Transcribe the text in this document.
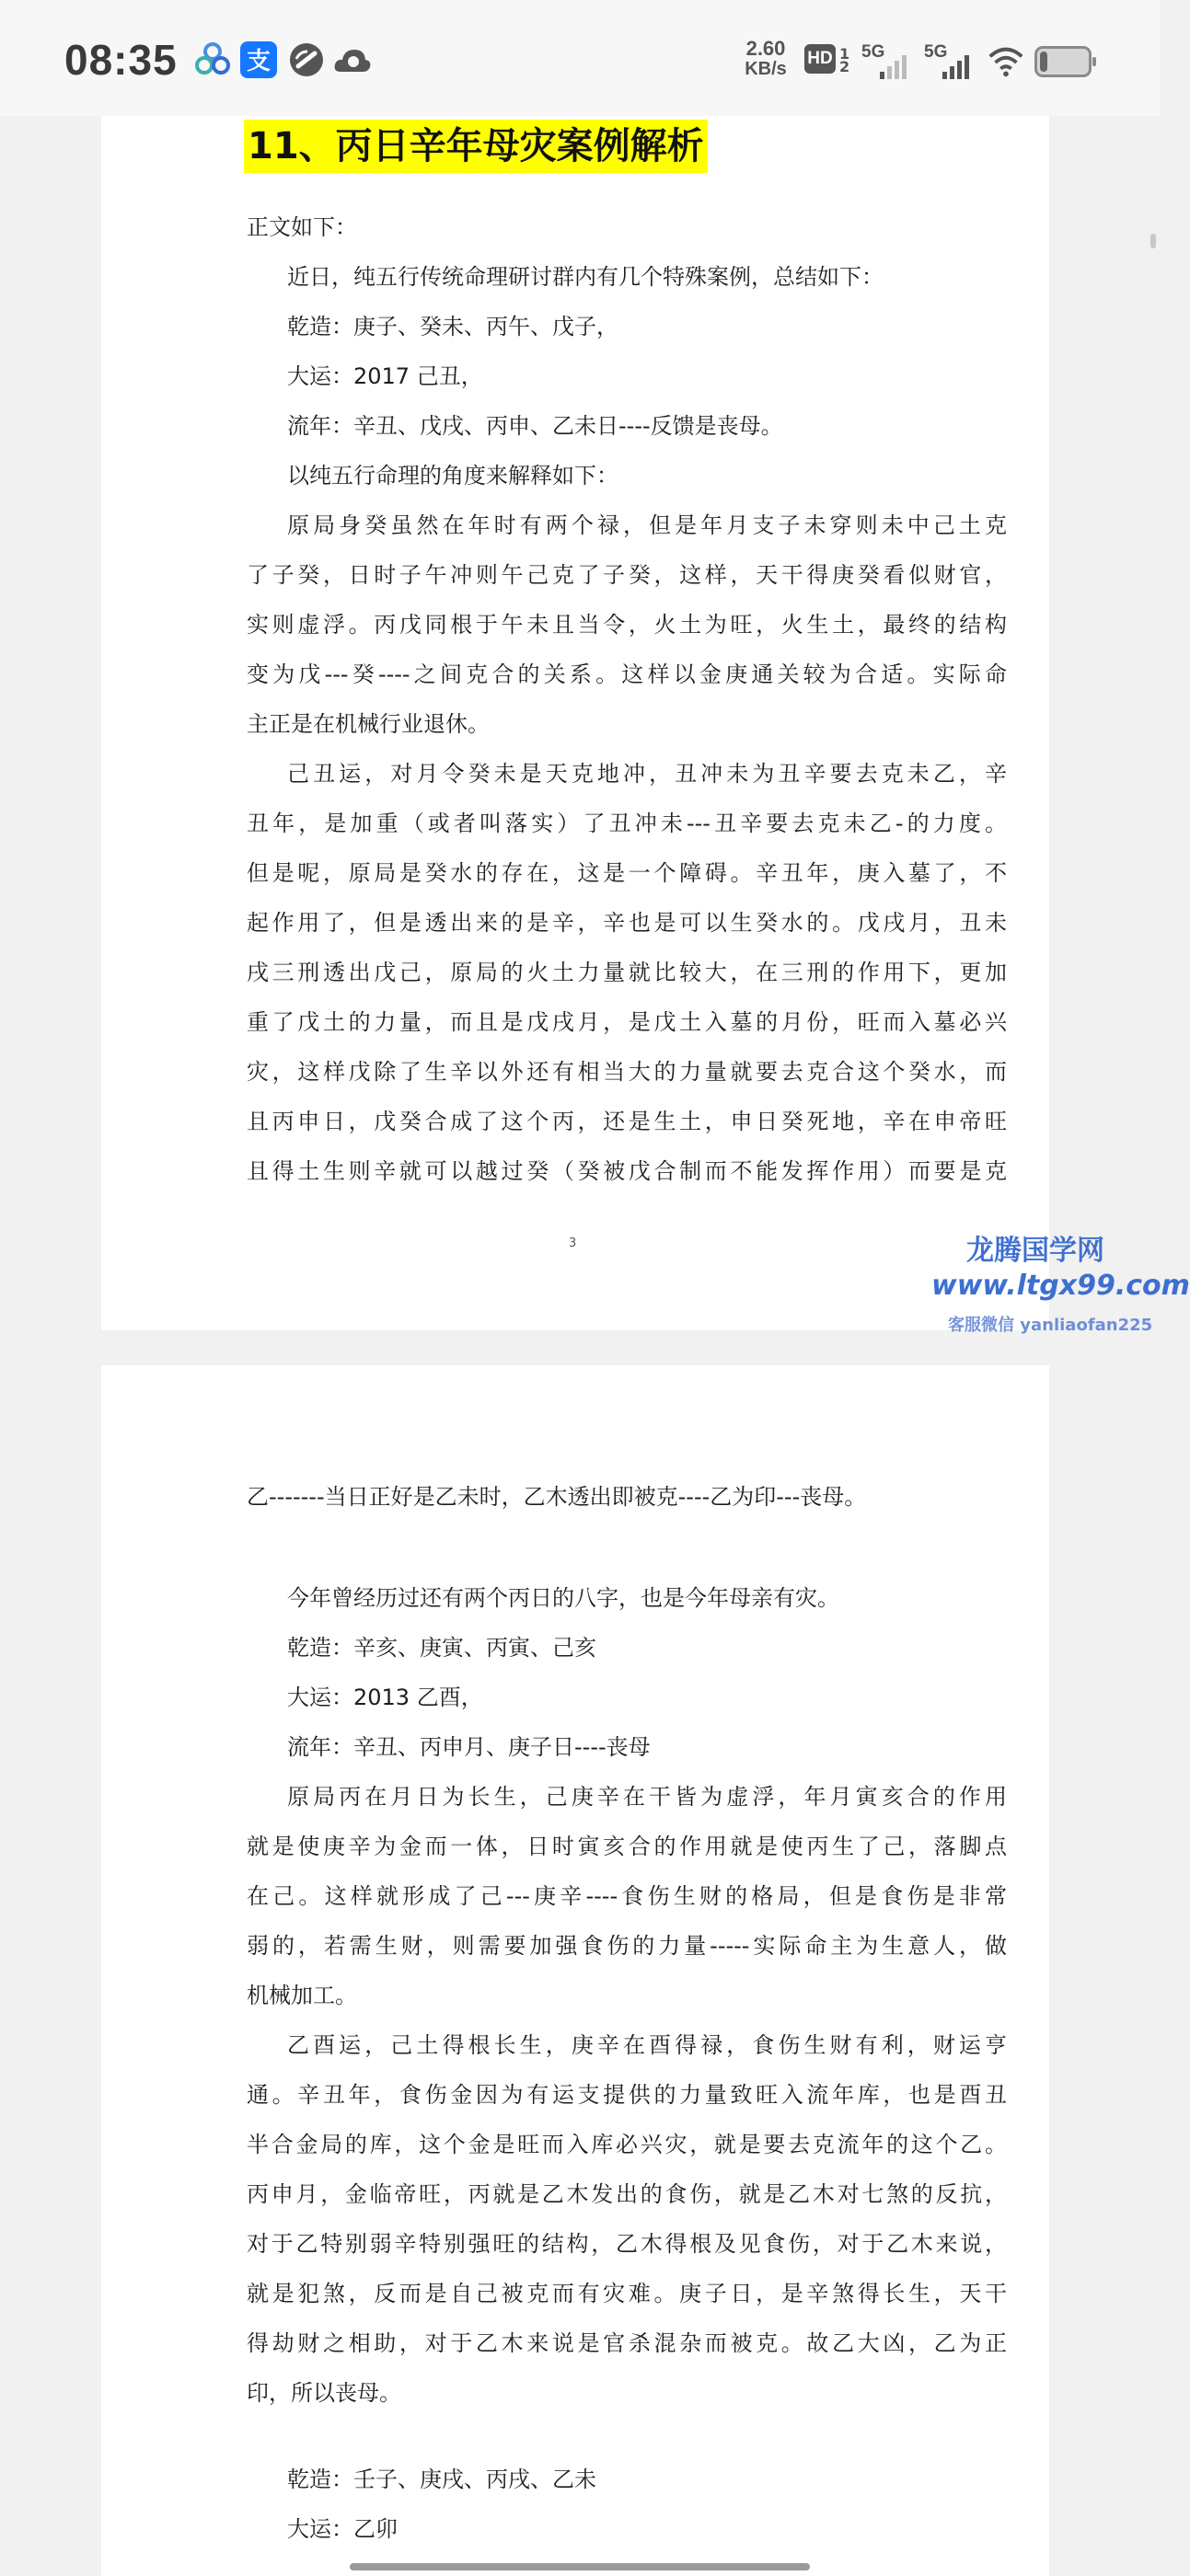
08:35	支	2.60
KB/s
HD 1
2
5G 5G
11、丙日辛年母灾案例解析
正文如下：
近日，纯五行传统命理研讨群内有几个特殊案例，总结如下：
乾造：庚子、癸未、丙午、戊子，
大运：2017 己丑，
流年：辛丑、戊戌、丙申、乙未日----反馈是丧母。
以纯五行命理的角度来解释如下：
原局身癸虽然在年时有两个禄，但是年月支子未穿则未中己土克
了子癸，日时子午冲则午己克了子癸，这样，天干得庚癸看似财官，
实则虚浮。丙戊同根于午未且当令，火土为旺，火生土，最终的结构
变为戊---癸----之间克合的关系。这样以金庚通关较为合适。实际命
主正是在机械行业退休。
己丑运，对月令癸未是天克地冲，丑冲未为丑辛要去克未乙，辛
丑年，是加重（或者叫落实）了丑冲未---丑辛要去克未乙-的力度。
但是呢，原局是癸水的存在，这是一个障碍。辛丑年，庚入墓了，不
起作用了，但是透出来的是辛，辛也是可以生癸水的。戊戌月，丑未
戌三刑透出戊己，原局的火土力量就比较大，在三刑的作用下，更加
重了戊土的力量，而且是戊戌月，是戊土入墓的月份，旺而入墓必兴
灾，这样戊除了生辛以外还有相当大的力量就要去克合这个癸水，而
且丙申日，戊癸合成了这个丙，还是生土，申日癸死地，辛在申帝旺
且得土生则辛就可以越过癸（癸被戊合制而不能发挥作用）而要是克
3	龙腾国学网
www.ltgx99.com
客服微信 yanliaofan225
乙-------当日正好是乙未时，乙木透出即被克----乙为印---丧母。
今年曾经历过还有两个丙日的八字，也是今年母亲有灾。
乾造：辛亥、庚寅、丙寅、己亥
大运：2013 乙酉，
流年：辛丑、丙申月、庚子日----丧母
原局丙在月日为长生，己庚辛在干皆为虚浮，年月寅亥合的作用
就是使庚辛为金而一体，日时寅亥合的作用就是使丙生了己，落脚点
在己。这样就形成了己---庚辛----食伤生财的格局，但是食伤是非常
弱的，若需生财，则需要加强食伤的力量-----实际命主为生意人，做
机械加工。
乙酉运，己土得根长生，庚辛在酉得禄，食伤生财有利，财运亨
通。辛丑年，食伤金因为有运支提供的力量致旺入流年库，也是酉丑
半合金局的库，这个金是旺而入库必兴灾，就是要去克流年的这个乙。
丙申月，金临帝旺，丙就是乙木发出的食伤，就是乙木对七煞的反抗，
对于乙特别弱辛特别强旺的结构，乙木得根及见食伤，对于乙木来说，
就是犯煞，反而是自己被克而有灾难。庚子日，是辛煞得长生，天干
得劫财之相助，对于乙木来说是官杀混杂而被克。故乙大凶，乙为正
印，所以丧母。
乾造：壬子、庚戌、丙戌、乙未
大运：乙卯
